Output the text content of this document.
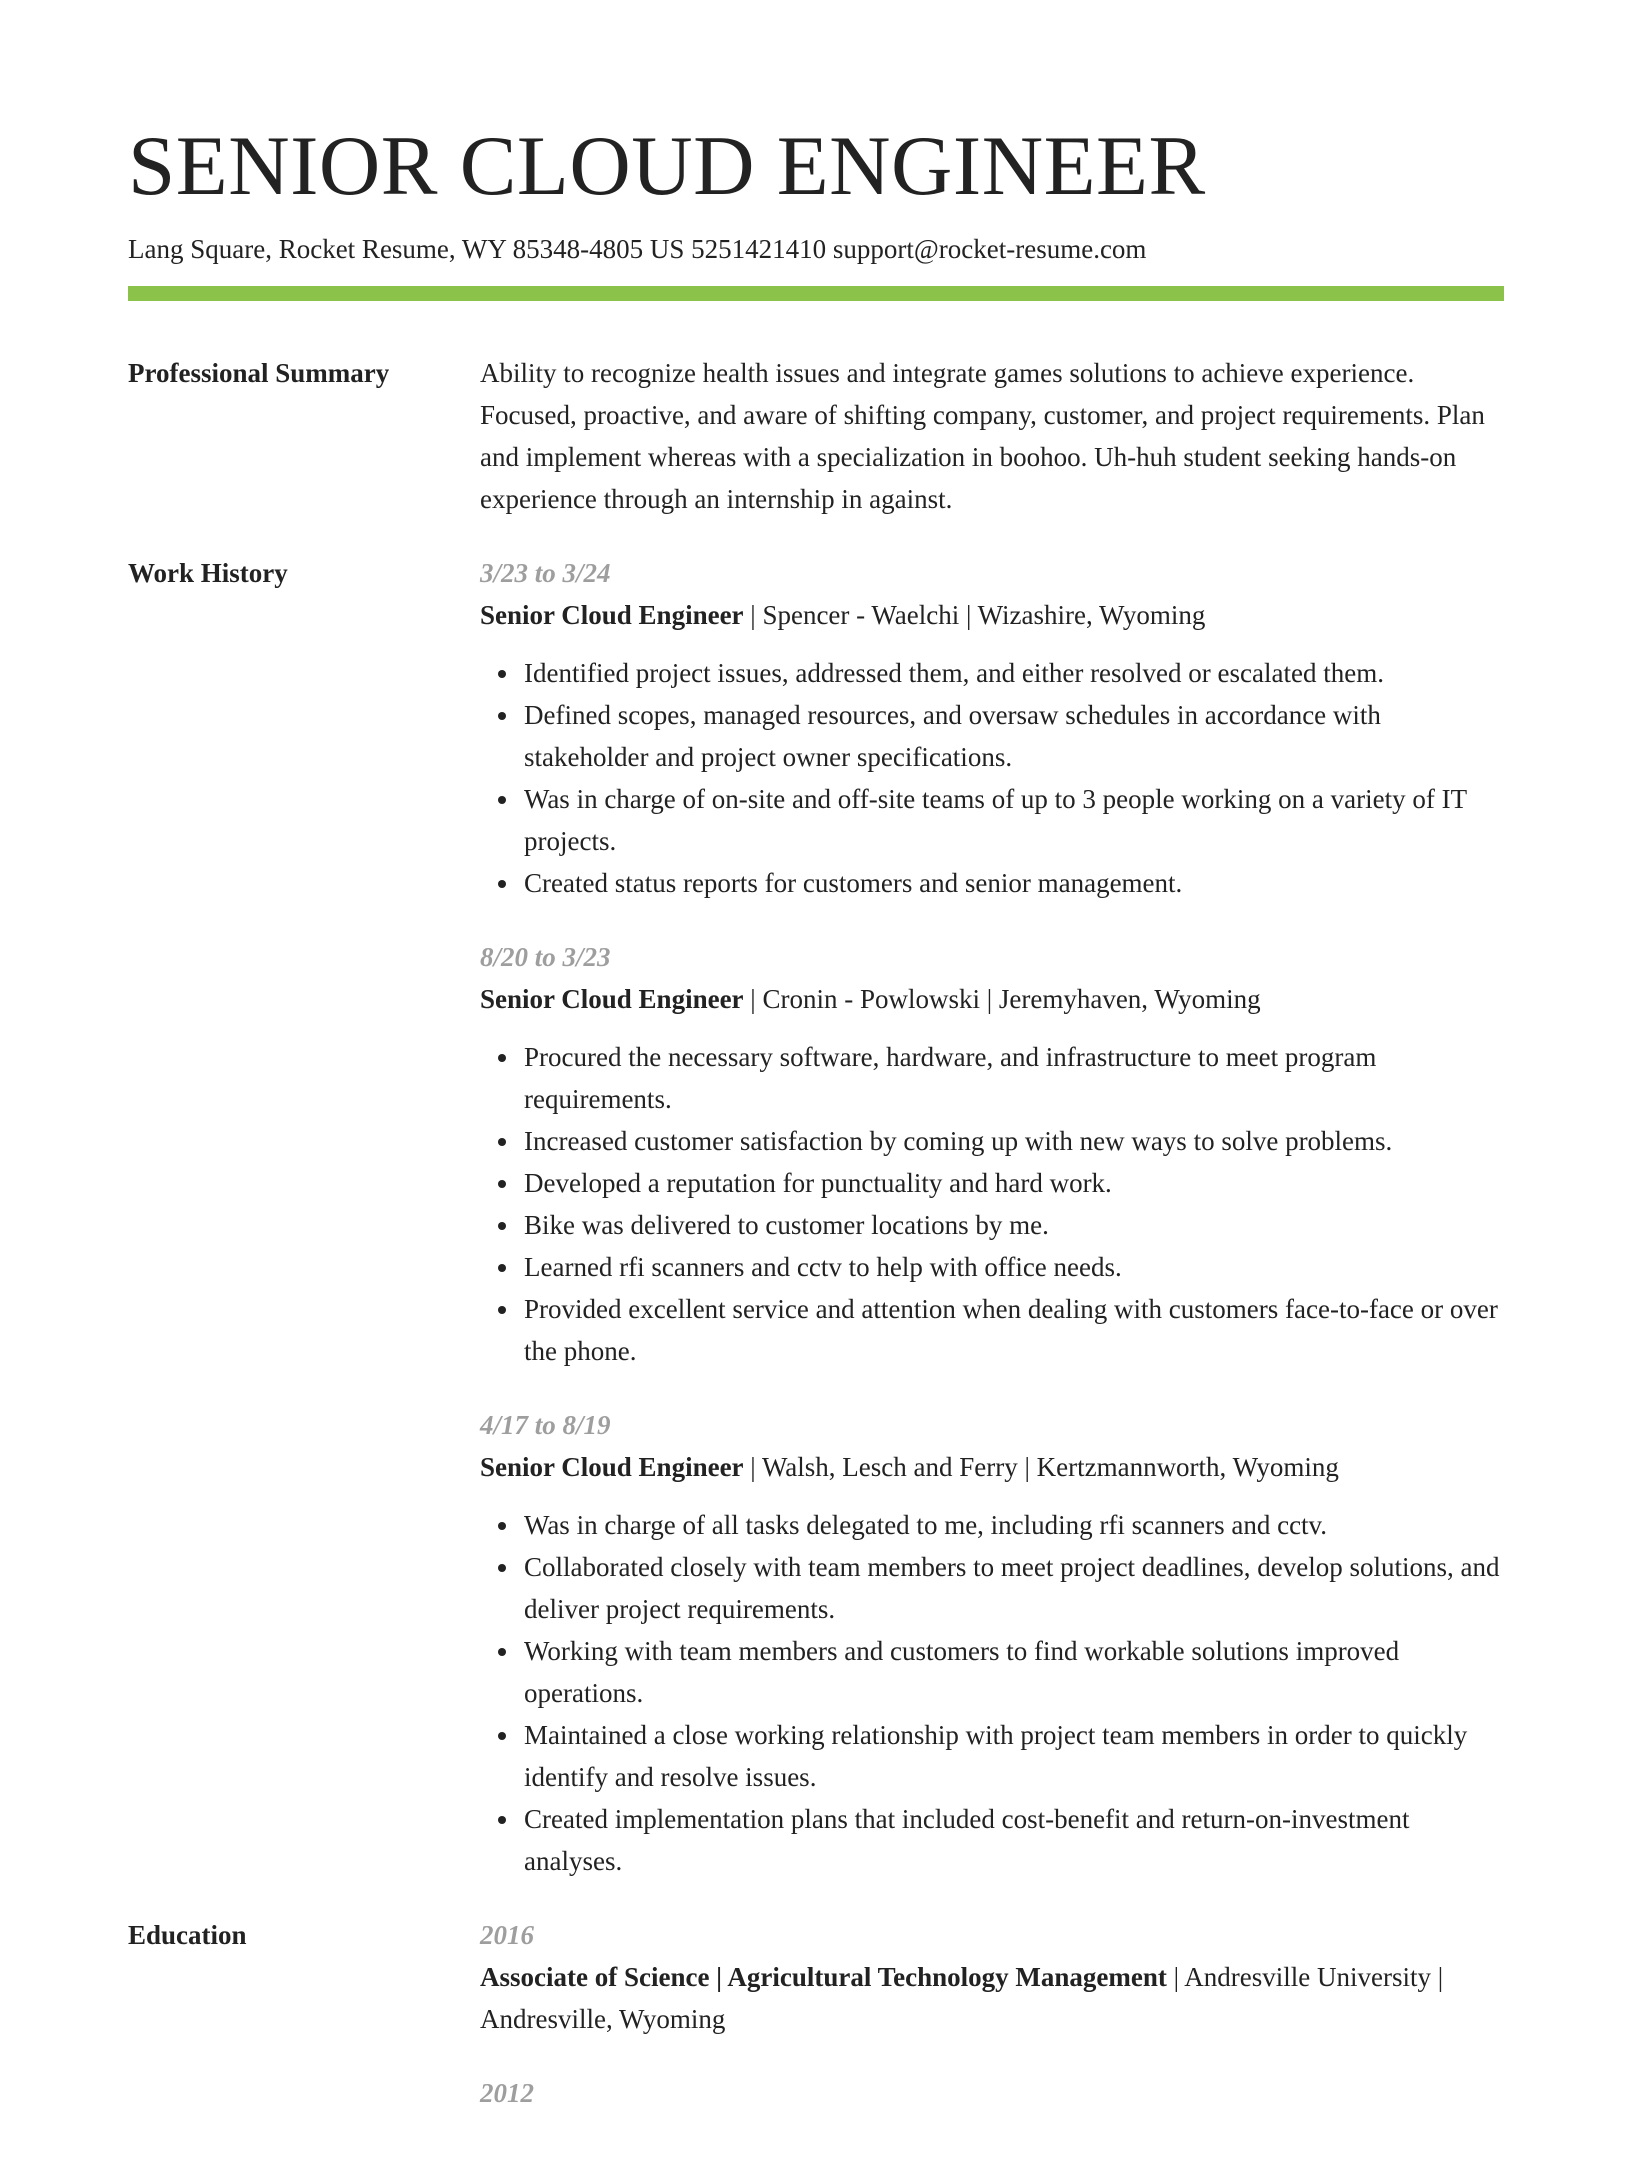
SENIOR CLOUD ENGINEER
Lang Square, Rocket Resume, WY 85348-4805 US 5251421410 support@rocket-resume.com
Professional Summary	Ability to recognize health issues and integrate games solutions to achieve experience. Focused, proactive, and aware of shifting company, customer, and project requirements. Plan and implement whereas with a specialization in boohoo. Uh-huh student seeking hands-on experience through an internship in against.

Work History	3/23 to 3/24
Senior Cloud Engineer | Spencer - Waelchi | Wizashire, Wyoming
Identified project issues, addressed them, and either resolved or escalated them.
Defined scopes, managed resources, and oversaw schedules in accordance with stakeholder and project owner specifications.
Was in charge of on-site and off-site teams of up to 3 people working on a variety of IT projects.
Created status reports for customers and senior management.
8/20 to 3/23
Senior Cloud Engineer | Cronin - Powlowski | Jeremyhaven, Wyoming
Procured the necessary software, hardware, and infrastructure to meet program requirements.
Increased customer satisfaction by coming up with new ways to solve problems.
Developed a reputation for punctuality and hard work.
Bike was delivered to customer locations by me.
Learned rfi scanners and cctv to help with office needs.
Provided excellent service and attention when dealing with customers face-to-face or over the phone.
4/17 to 8/19
Senior Cloud Engineer | Walsh, Lesch and Ferry | Kertzmannworth, Wyoming
Was in charge of all tasks delegated to me, including rfi scanners and cctv.
Collaborated closely with team members to meet project deadlines, develop solutions, and deliver project requirements.
Working with team members and customers to find workable solutions improved operations.
Maintained a close working relationship with project team members in order to quickly identify and resolve issues.
Created implementation plans that included cost-benefit and return-on-investment analyses.
Education	2016
Associate of Science | Agricultural Technology Management | Andresville University | Andresville, Wyoming
2012
